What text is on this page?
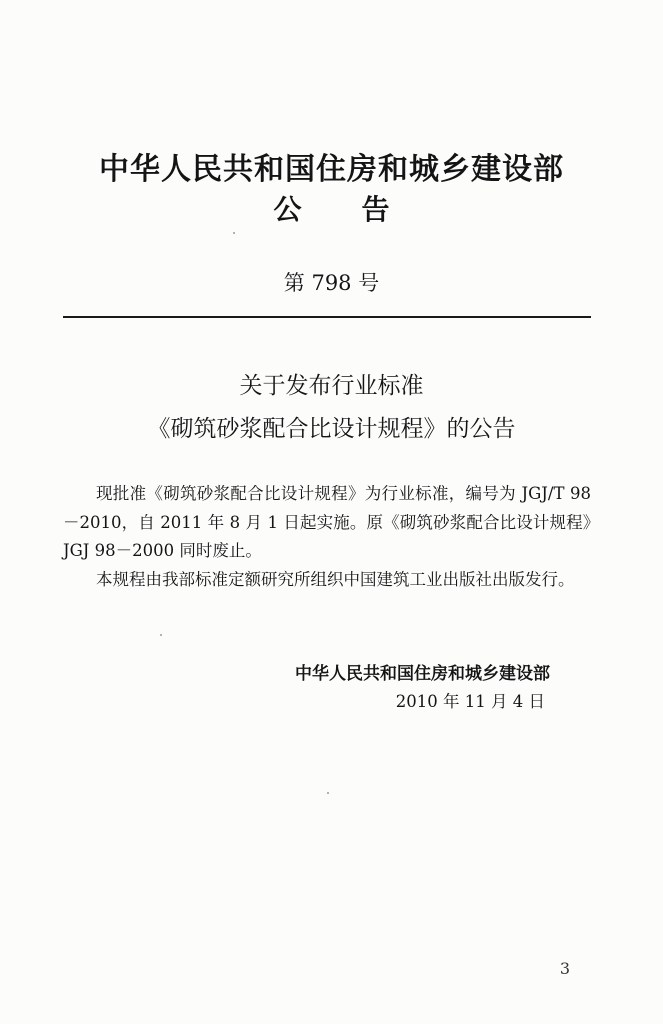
中华人民共和国住房和城乡建设部
公告
第 798 号
关于发布行业标准
《砌筑砂浆配合比设计规程》的公告

现批准《砌筑砂浆配合比设计规程》为行业标准，编号为 JGJ/T 98－2010，自 2011 年 8 月 1 日起实施。原《砌筑砂浆配合比设计规程》JGJ 98－2000 同时废止。

本规程由我部标准定额研究所组织中国建筑工业出版社出版发行。

中华人民共和国住房和城乡建设部
2010 年 11 月 4 日
3
